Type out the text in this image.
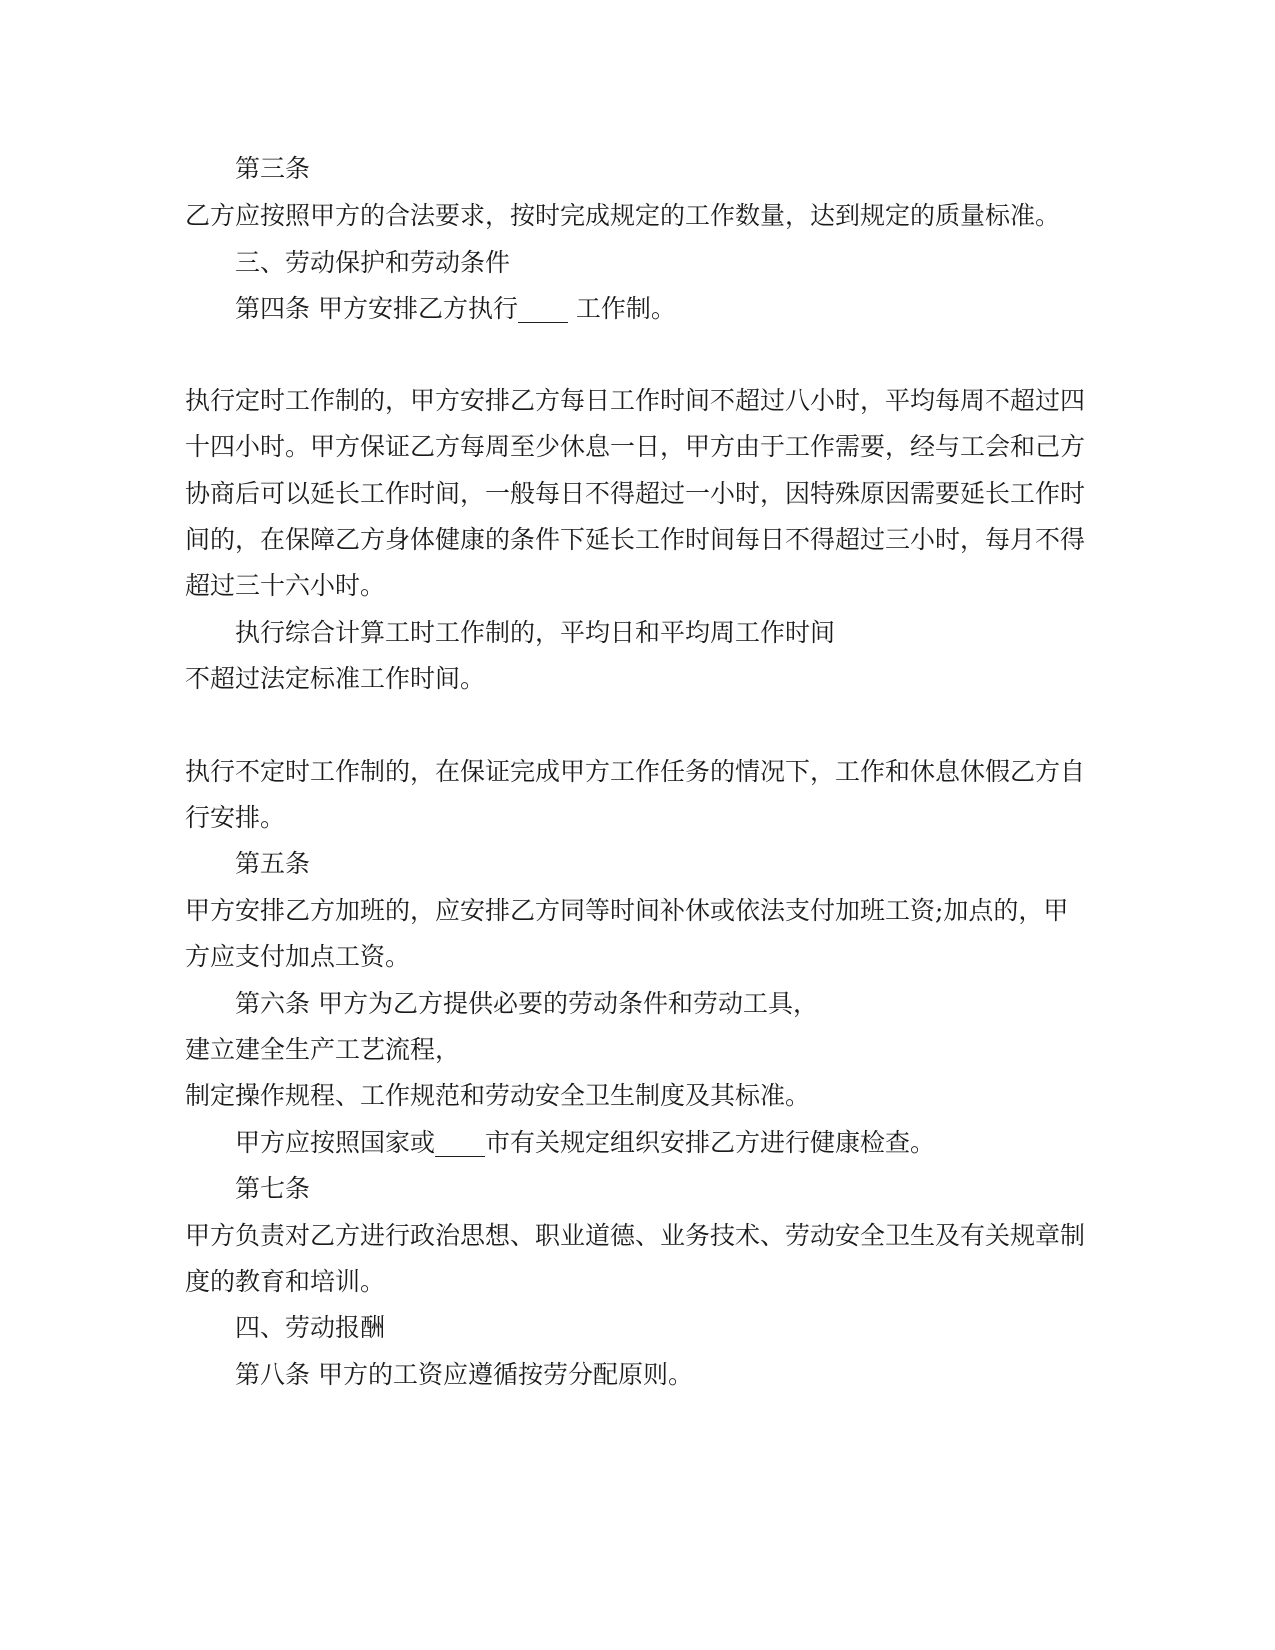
第三条

乙方应按照甲方的合法要求，按时完成规定的工作数量，达到规定的质量标准。

三、劳动保护和劳动条件

第四条 甲方安排乙方执行____ 工作制。

执行定时工作制的，甲方安排乙方每日工作时间不超过八小时，平均每周不超过四

十四小时。甲方保证乙方每周至少休息一日，甲方由于工作需要，经与工会和己方

协商后可以延长工作时间，一般每日不得超过一小时，因特殊原因需要延长工作时

间的，在保障乙方身体健康的条件下延长工作时间每日不得超过三小时，每月不得

超过三十六小时。

执行综合计算工时工作制的，平均日和平均周工作时间

不超过法定标准工作时间。

执行不定时工作制的，在保证完成甲方工作任务的情况下，工作和休息休假乙方自

行安排。

第五条

甲方安排乙方加班的，应安排乙方同等时间补休或依法支付加班工资;加点的，甲

方应支付加点工资。

第六条 甲方为乙方提供必要的劳动条件和劳动工具，

建立建全生产工艺流程，

制定操作规程、工作规范和劳动安全卫生制度及其标准。

甲方应按照国家或____市有关规定组织安排乙方进行健康检查。

第七条

甲方负责对乙方进行政治思想、职业道德、业务技术、劳动安全卫生及有关规章制

度的教育和培训。

四、劳动报酬

第八条 甲方的工资应遵循按劳分配原则。
